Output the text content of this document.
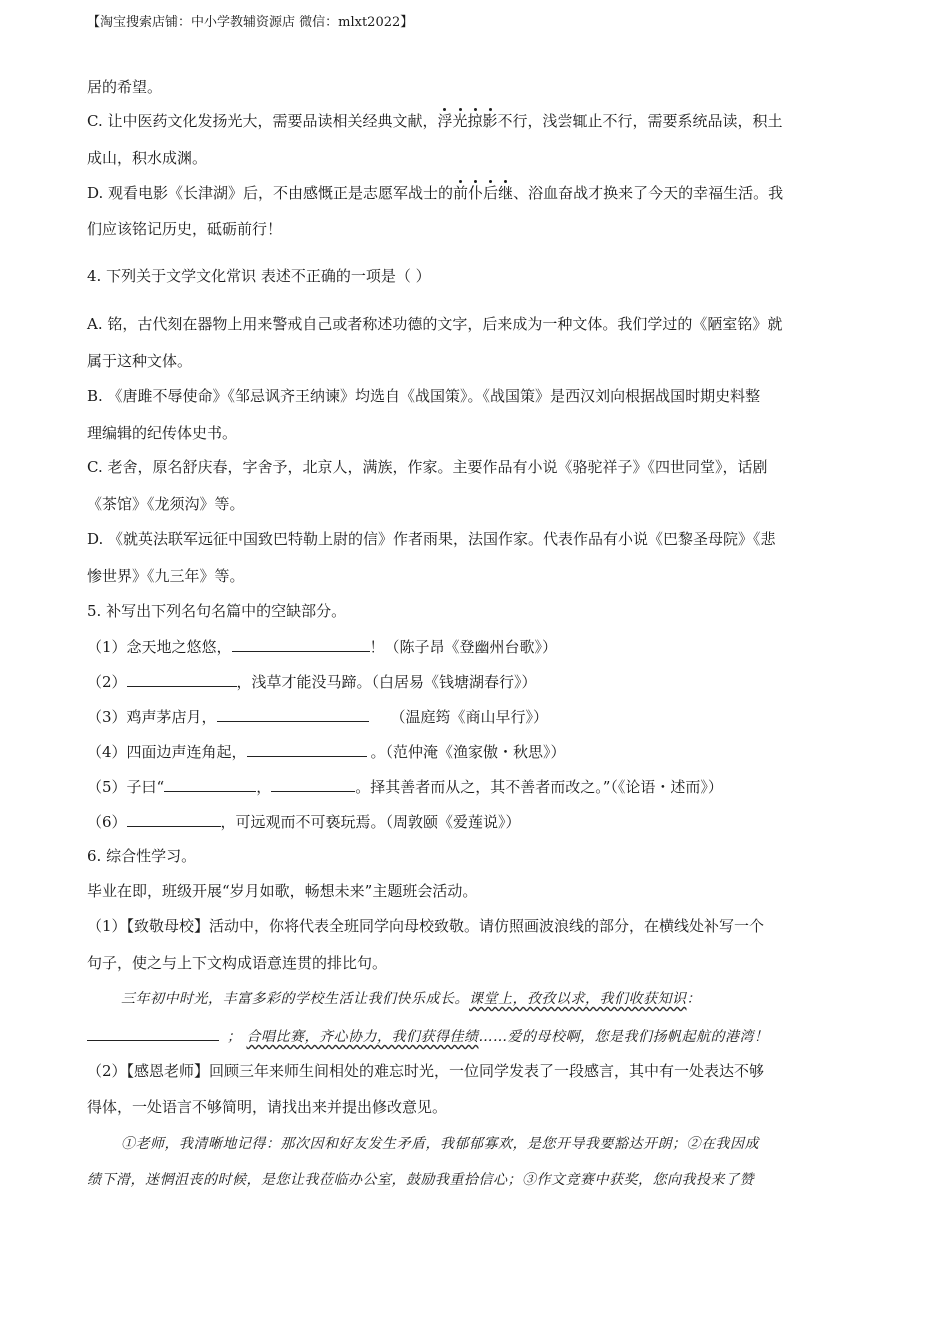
【淘宝搜索店铺：中小学教辅资源店 微信：mlxt2022】
居的希望。
C. 让中医药文化发扬光大，需要品读相关经典文献，浮光掠影不行，浅尝辄止不行，需要系统品读，积土
成山，积水成渊。
D. 观看电影《长津湖》后，不由感慨正是志愿军战士的前仆后继、浴血奋战才换来了今天的幸福生活。我
们应该铭记历史，砥砺前行！
4. 下列关于文学文化常识 表述不正确的一项是（ ）
A. 铭，古代刻在器物上用来警戒自己或者称述功德的文字，后来成为一种文体。我们学过的《陋室铭》就
属于这种文体。
B. 《唐雎不辱使命》《邹忌讽齐王纳谏》均选自《战国策》。《战国策》是西汉刘向根据战国时期史料整
理编辑的纪传体史书。
C. 老舍，原名舒庆春，字舍予，北京人，满族，作家。主要作品有小说《骆驼祥子》《四世同堂》，话剧
《茶馆》《龙须沟》等。
D. 《就英法联军远征中国致巴特勒上尉的信》作者雨果，法国作家。代表作品有小说《巴黎圣母院》《悲
惨世界》《九三年》等。
5. 补写出下列名句名篇中的空缺部分。
（1）念天地之悠悠，	！（陈子昂《登幽州台歌》）
（2）	，浅草才能没马蹄。（白居易《钱塘湖春行》）
（3）鸡声茅店月，	（温庭筠《商山早行》）
（4）四面边声连角起，	。（范仲淹《渔家傲・秋思》）
（5）子曰“	，	。择其善者而从之，其不善者而改之。”（《论语・述而》）
（6）	，可远观而不可亵玩焉。（周敦颐《爱莲说》）
6. 综合性学习。
毕业在即，班级开展“岁月如歌，畅想未来”主题班会活动。
（1）【致敬母校】活动中，你将代表全班同学向母校致敬。请仿照画波浪线的部分，在横线处补写一个
句子，使之与上下文构成语意连贯的排比句。
三年初中时光，丰富多彩的学校生活让我们快乐成长。课堂上，孜孜以求，我们收获知识：
； 合唱比赛，齐心协力，我们获得佳绩……爱的母校啊，您是我们扬帆起航的港湾！
（2）【感恩老师】回顾三年来师生间相处的难忘时光，一位同学发表了一段感言，其中有一处表达不够
得体，一处语言不够简明，请找出来并提出修改意见。
①老师，我清晰地记得：那次因和好友发生矛盾，我郁郁寡欢，是您开导我要豁达开朗；②在我因成
绩下滑，迷惘沮丧的时候，是您让我莅临办公室，鼓励我重拾信心；③作文竞赛中获奖，您向我投来了赞
